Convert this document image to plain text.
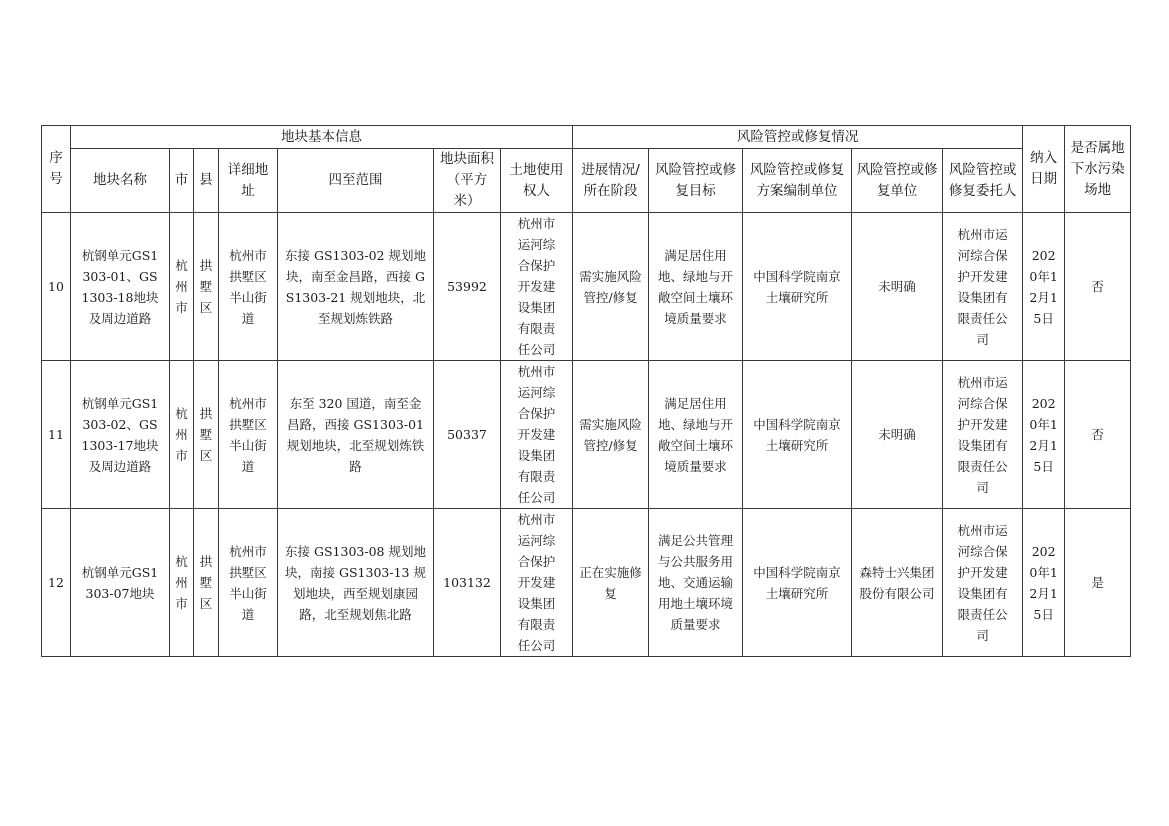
序号	地块基本信息							风险管控或修复情况					纳入日期	是否属地下水污染场地
	地块名称	市	县	详细地址	四至范围	地块面积（平方米）	土地使用权人	进展情况/所在阶段	风险管控或修复目标	风险管控或修复方案编制单位	风险管控或修复单位	风险管控或修复委托人		
10	杭钢单元GS1303-01、GS1303-18地块及周边道路	杭州市	拱墅区	杭州市拱墅区半山街道	东接 GS1303-02 规划地块，南至金昌路，西接 GS1303-21 规划地块，北至规划炼铁路	53992	杭州市运河综合保护开发建设集团有限责任公司	需实施风险管控/修复	满足居住用地、绿地与开敞空间土壤环境质量要求	中国科学院南京土壤研究所	未明确	杭州市运河综合保护开发建设集团有限责任公司	2020年12月15日	否
11	杭钢单元GS1303-02、GS1303-17地块及周边道路	杭州市	拱墅区	杭州市拱墅区半山街道	东至 320 国道，南至金昌路，西接 GS1303-01 规划地块，北至规划炼铁路	50337	杭州市运河综合保护开发建设集团有限责任公司	需实施风险管控/修复	满足居住用地、绿地与开敞空间土壤环境质量要求	中国科学院南京土壤研究所	未明确	杭州市运河综合保护开发建设集团有限责任公司	2020年12月15日	否
12	杭钢单元GS1303-07地块	杭州市	拱墅区	杭州市拱墅区半山街道	东接 GS1303-08 规划地块，南接 GS1303-13 规划地块，西至规划康园路，北至规划焦北路	103132	杭州市运河综合保护开发建设集团有限责任公司	正在实施修复	满足公共管理与公共服务用地、交通运输用地土壤环境质量要求	中国科学院南京土壤研究所	森特士兴集团股份有限公司	杭州市运河综合保护开发建设集团有限责任公司	2020年12月15日	是
